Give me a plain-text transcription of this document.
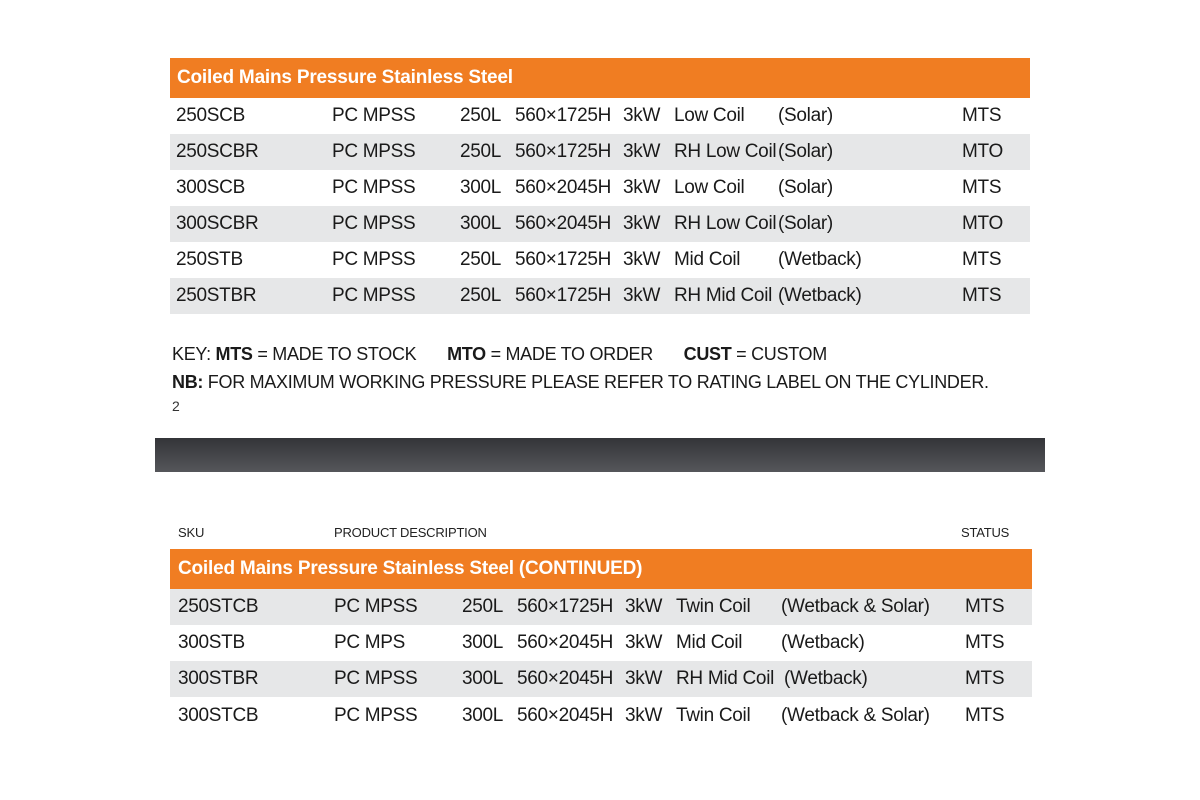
Coiled Mains Pressure Stainless Steel
250SCB	PC MPSS 250L 560×1725H 3kW Low Coil (Solar)	MTS
250SCBR	PC MPSS 250L 560×1725H 3kW RH Low Coil (Solar)	MTO
300SCB	PC MPSS 300L 560×2045H 3kW Low Coil (Solar)	MTS
300SCBR	PC MPSS 300L 560×2045H 3kW RH Low Coil (Solar)	MTO
250STB	PC MPSS 250L 560×1725H 3kW Mid Coil (Wetback)	MTS
250STBR	PC MPSS 250L 560×1725H 3kW RH Mid Coil (Wetback)	MTS
KEY: MTS = MADE TO STOCK MTO = MADE TO ORDER CUST = CUSTOM
NB: FOR MAXIMUM WORKING PRESSURE PLEASE REFER TO RATING LABEL ON THE CYLINDER.
2
SKU	PRODUCT DESCRIPTION	STATUS
Coiled Mains Pressure Stainless Steel (CONTINUED)
250STCB	PC MPSS 250L 560×1725H 3kW Twin Coil (Wetback & Solar) MTS
300STB	PC MPS	300L 560×2045H 3kW Mid Coil (Wetback)	MTS
300STBR	PC MPSS 300L 560×2045H 3kW RH Mid Coil (Wetback)	MTS
300STCB	PC MPSS 300L 560×2045H 3kW Twin Coil (Wetback & Solar) MTS
